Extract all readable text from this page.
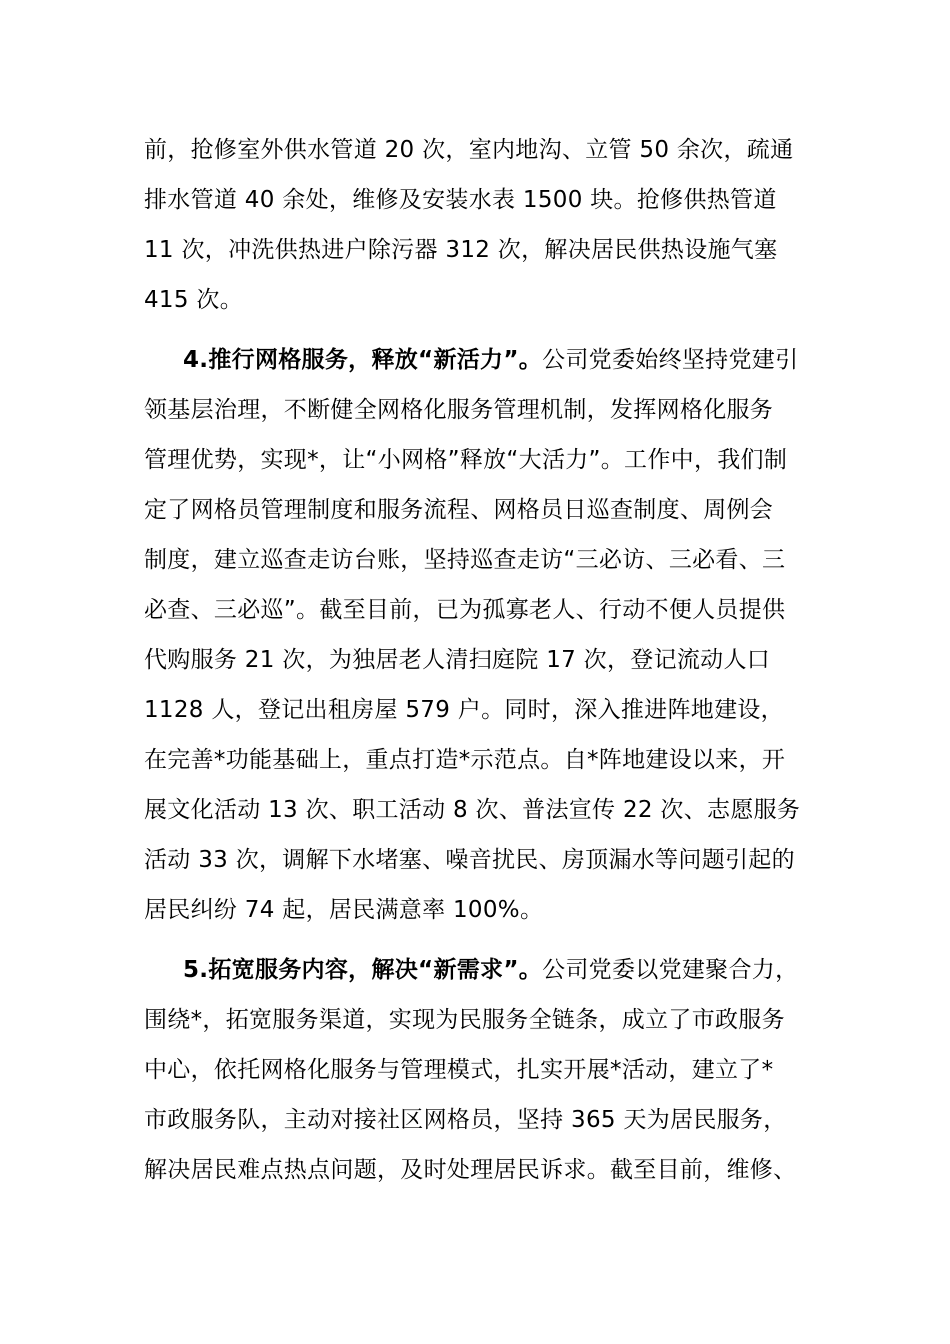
前，抢修室外供水管道 20 次，室内地沟、立管 50 余次，疏通
排水管道 40 余处，维修及安装水表 1500 块。抢修供热管道
11 次，冲洗供热进户除污器 312 次，解决居民供热设施气塞
415 次。
4.推行网格服务，释放“新活力”。公司党委始终坚持党建引
领基层治理，不断健全网格化服务管理机制，发挥网格化服务
管理优势，实现*，让“小网格”释放“大活力”。工作中，我们制
定了网格员管理制度和服务流程、网格员日巡查制度、周例会
制度，建立巡查走访台账，坚持巡查走访“三必访、三必看、三
必查、三必巡”。截至目前，已为孤寡老人、行动不便人员提供
代购服务 21 次，为独居老人清扫庭院 17 次，登记流动人口
1128 人，登记出租房屋 579 户。同时，深入推进阵地建设，
在完善*功能基础上，重点打造*示范点。自*阵地建设以来，开
展文化活动 13 次、职工活动 8 次、普法宣传 22 次、志愿服务
活动 33 次，调解下水堵塞、噪音扰民、房顶漏水等问题引起的
居民纠纷 74 起，居民满意率 100%。
5.拓宽服务内容，解决“新需求”。公司党委以党建聚合力，
围绕*，拓宽服务渠道，实现为民服务全链条，成立了市政服务
中心，依托网格化服务与管理模式，扎实开展*活动，建立了*
市政服务队，主动对接社区网格员，坚持 365 天为居民服务，
解决居民难点热点问题，及时处理居民诉求。截至目前，维修、
